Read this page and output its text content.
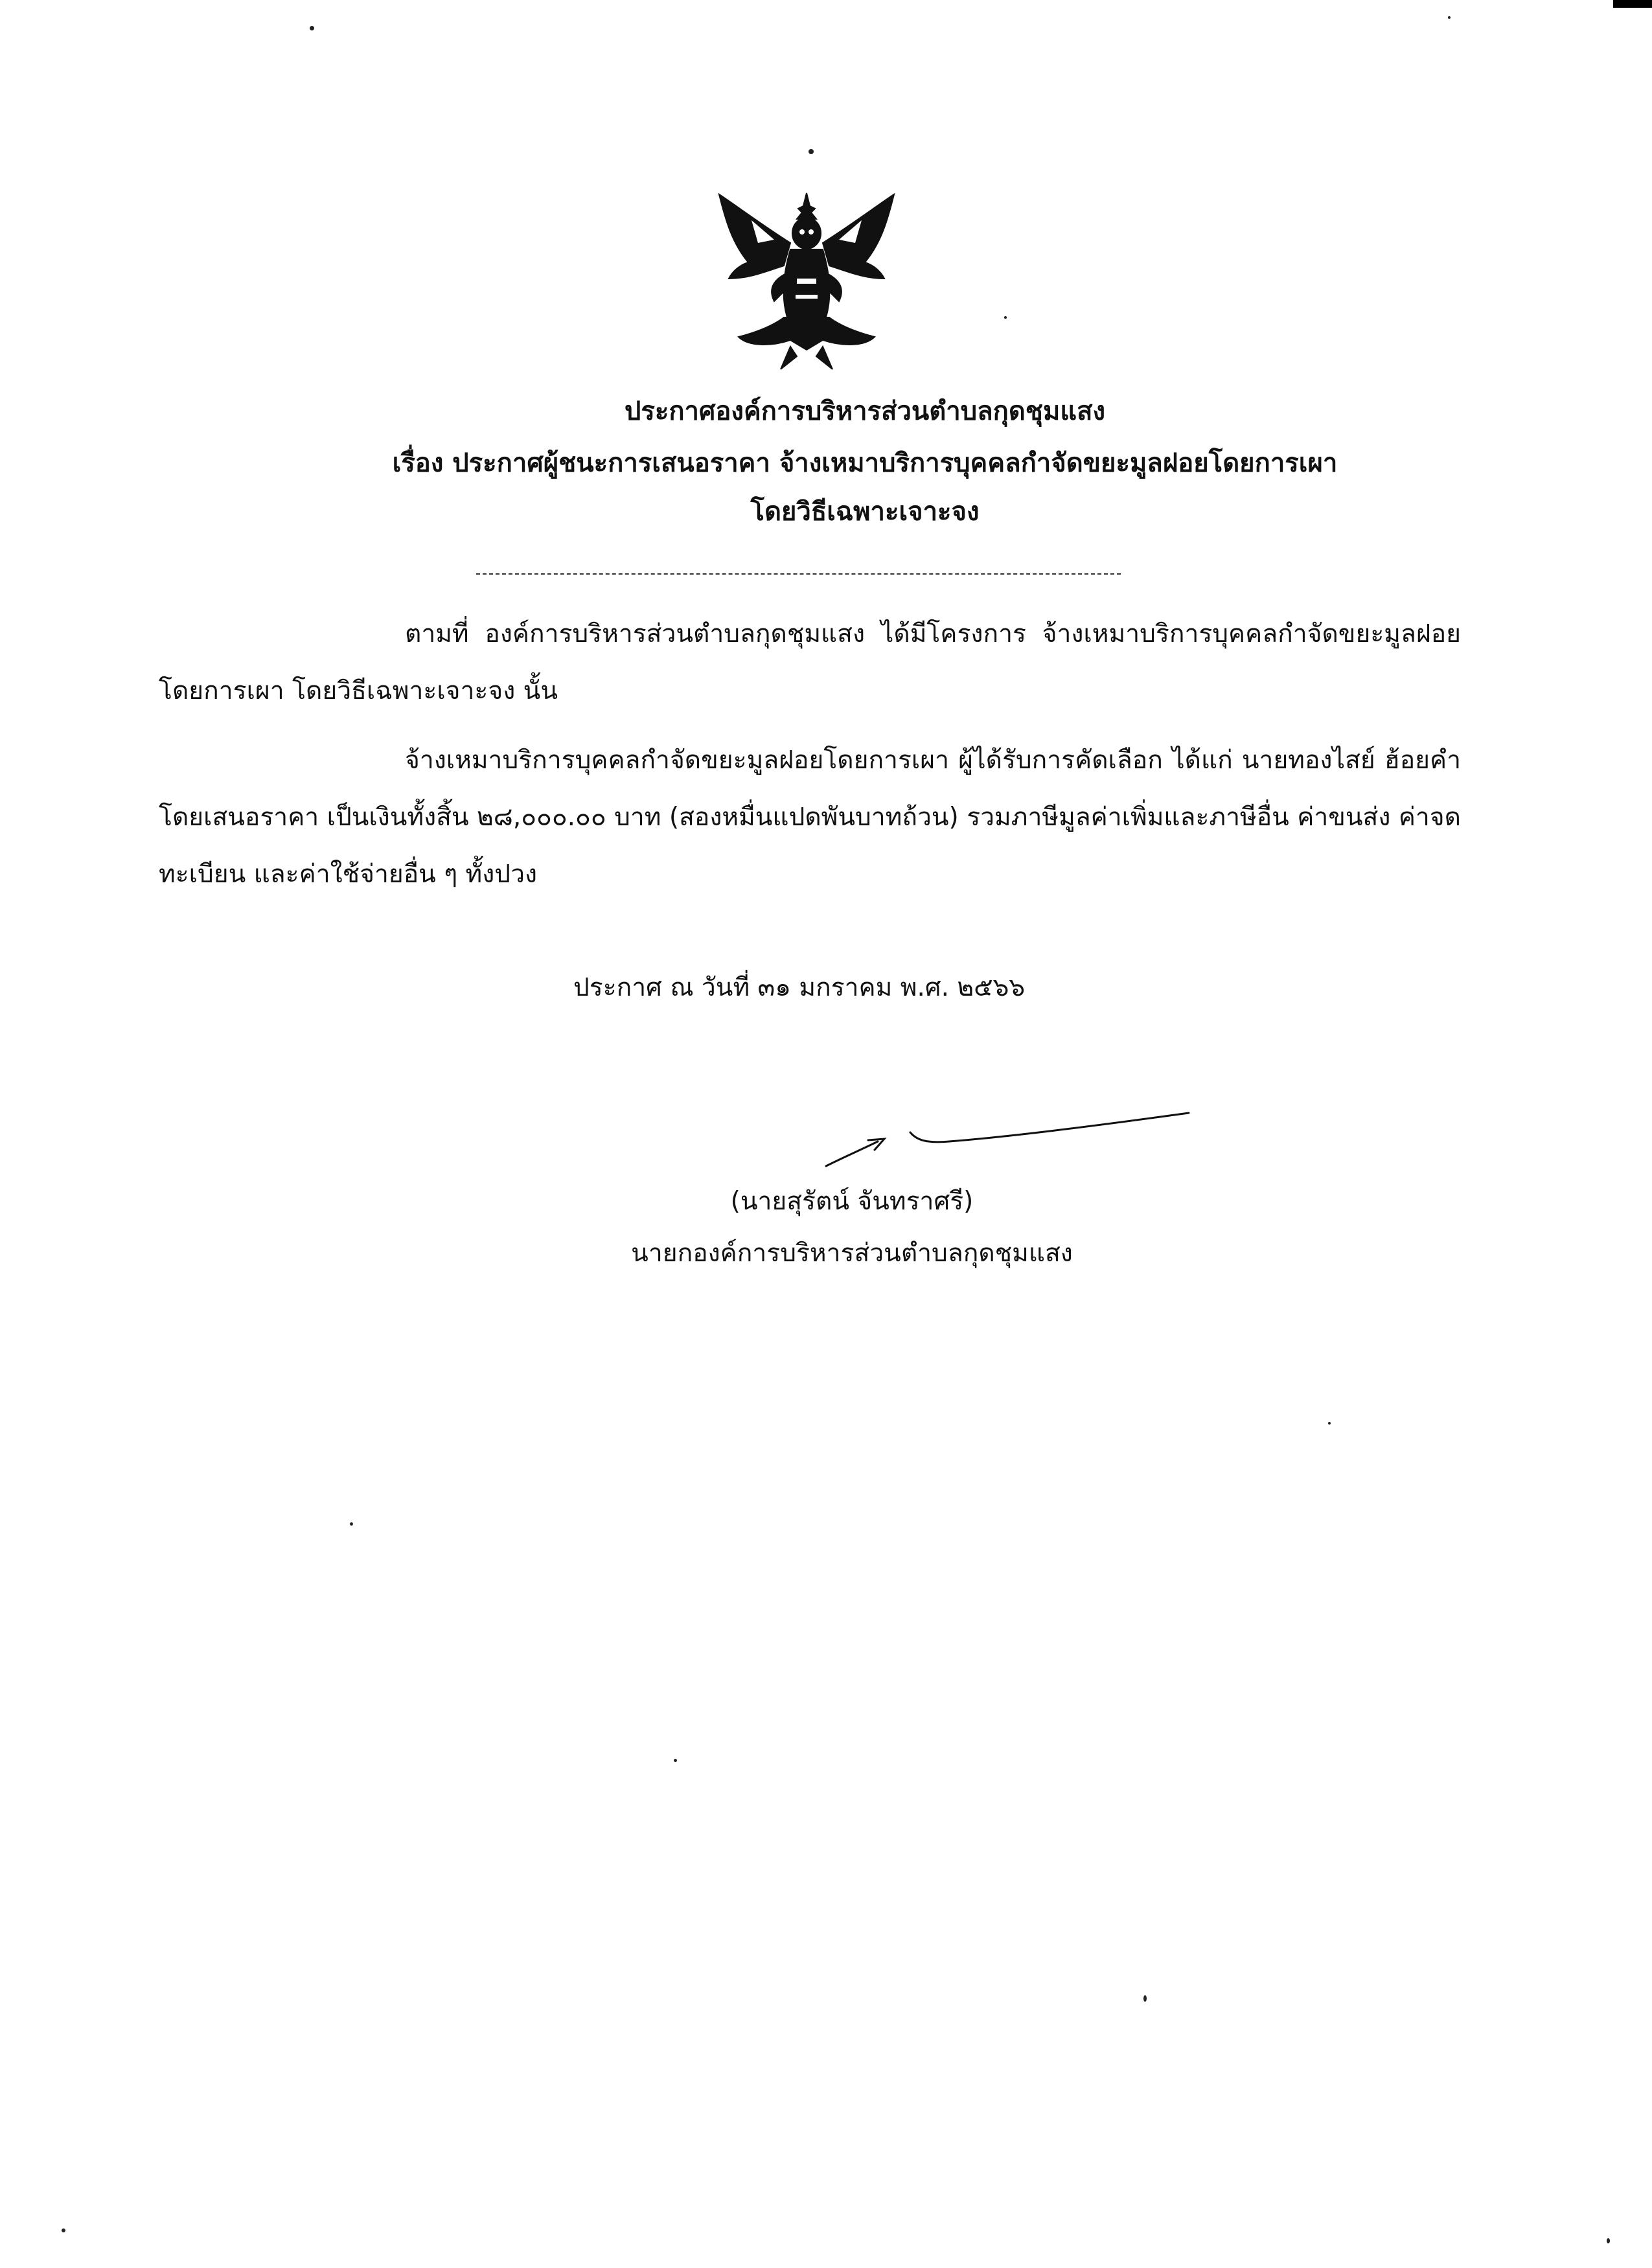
ประกาศองค์การบริหารส่วนตำบลกุดชุมแสง
เรื่อง ประกาศผู้ชนะการเสนอราคา จ้างเหมาบริการบุคคลกำจัดขยะมูลฝอยโดยการเผา
โดยวิธีเฉพาะเจาะจง
ตามที่ องค์การบริหารส่วนตำบลกุดชุมแสง ได้มีโครงการ จ้างเหมาบริการบุคคลกำจัดขยะมูลฝอยโดยการเผา โดยวิธีเฉพาะเจาะจง นั้น
จ้างเหมาบริการบุคคลกำจัดขยะมูลฝอยโดยการเผา ผู้ได้รับการคัดเลือก ได้แก่ นายทองไสย์ ฮ้อยคำ โดยเสนอราคา เป็นเงินทั้งสิ้น ๒๘,๐๐๐.๐๐ บาท (สองหมื่นแปดพันบาทถ้วน) รวมภาษีมูลค่าเพิ่มและภาษีอื่น ค่าขนส่ง ค่าจดทะเบียน และค่าใช้จ่ายอื่น ๆ ทั้งปวง
ประกาศ ณ วันที่ ๓๑ มกราคม พ.ศ. ๒๕๖๖
(นายสุรัตน์ จันทราศรี)
นายกองค์การบริหารส่วนตำบลกุดชุมแสง
